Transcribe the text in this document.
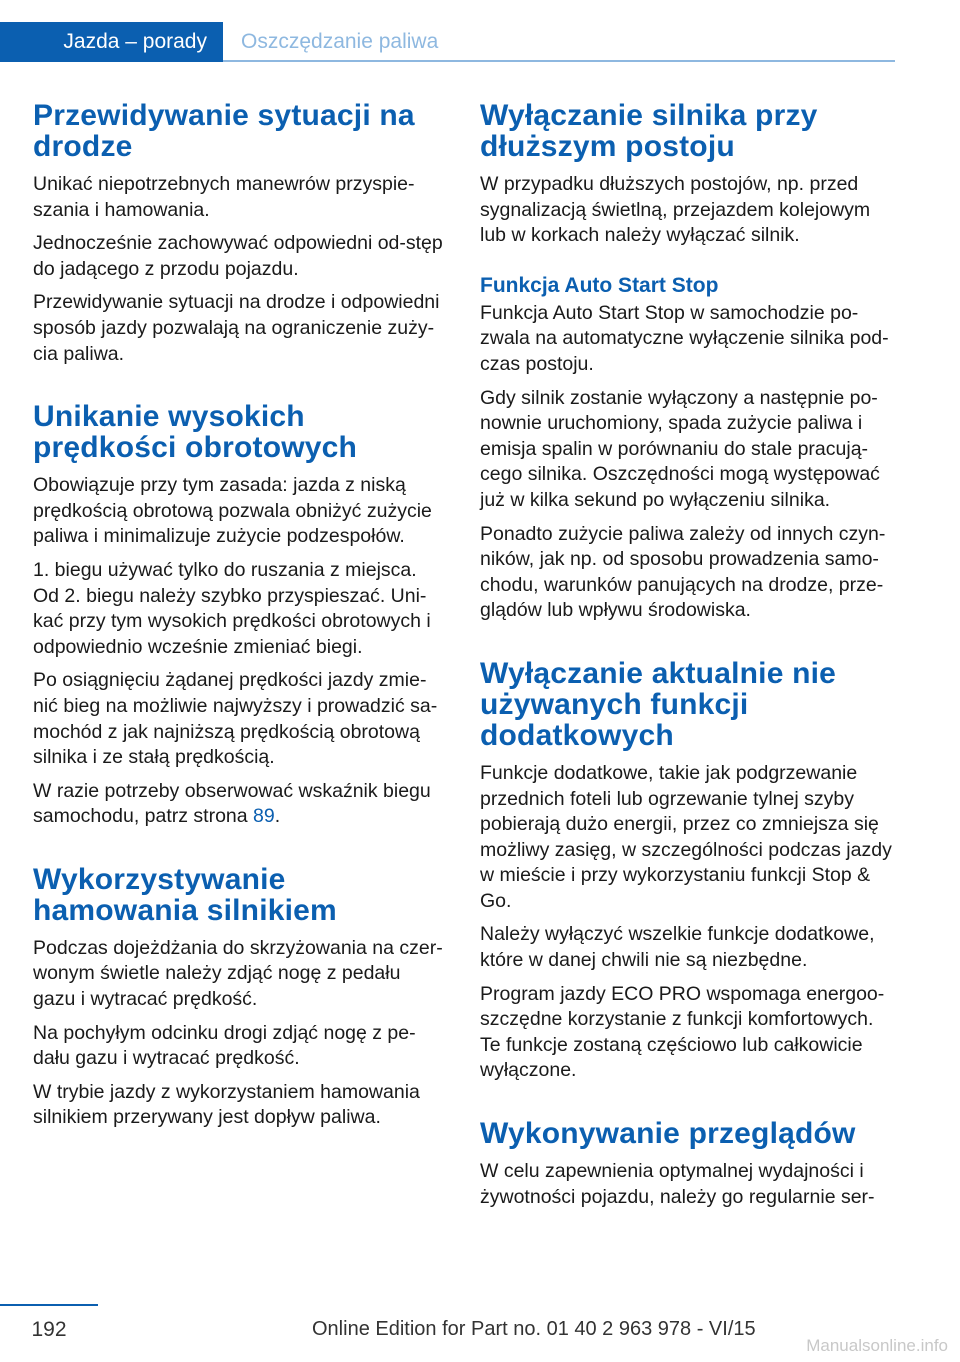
Jazda – porady Oszczędzanie paliwa
Przewidywanie sytuacji na drodze

Unikać niepotrzebnych manewrów przyspie-szania i hamowania.

Jednocześnie zachowywać odpowiedni od-stęp do jadącego z przodu pojazdu.

Przewidywanie sytuacji na drodze i odpowiedni sposób jazdy pozwalają na ograniczenie zuży-cia paliwa.

Unikanie wysokich prędkości obrotowych

Obowiązuje przy tym zasada: jazda z niską prędkością obrotową pozwala obniżyć zużycie paliwa i minimalizuje zużycie podzespołów.

1. biegu używać tylko do ruszania z miejsca. Od 2. biegu należy szybko przyspieszać. Uni-kać przy tym wysokich prędkości obrotowych i odpowiednio wcześnie zmieniać biegi.

Po osiągnięciu żądanej prędkości jazdy zmie-nić bieg na możliwie najwyższy i prowadzić sa-mochód z jak najniższą prędkością obrotową silnika i ze stałą prędkością.

W razie potrzeby obserwować wskaźnik biegu samochodu, patrz strona 89.

Wykorzystywanie hamowania silnikiem

Podczas dojeżdżania do skrzyżowania na czer-wonym świetle należy zdjąć nogę z pedału gazu i wytracać prędkość.

Na pochyłym odcinku drogi zdjąć nogę z pe-dału gazu i wytracać prędkość.

W trybie jazdy z wykorzystaniem hamowania silnikiem przerywany jest dopływ paliwa.

Wyłączanie silnika przy dłuższym postoju

W przypadku dłuższych postojów, np. przed sygnalizacją świetlną, przejazdem kolejowym lub w korkach należy wyłączać silnik.

Funkcja Auto Start Stop

Funkcja Auto Start Stop w samochodzie po-zwala na automatyczne wyłączenie silnika pod-czas postoju.

Gdy silnik zostanie wyłączony a następnie po-nownie uruchomiony, spada zużycie paliwa i emisja spalin w porównaniu do stale pracują-cego silnika. Oszczędności mogą występować już w kilka sekund po wyłączeniu silnika.

Ponadto zużycie paliwa zależy od innych czyn-ników, jak np. od sposobu prowadzenia samo-chodu, warunków panujących na drodze, prze-glądów lub wpływu środowiska.

Wyłączanie aktualnie nie używanych funkcji dodatkowych

Funkcje dodatkowe, takie jak podgrzewanie przednich foteli lub ogrzewanie tylnej szyby pobierają dużo energii, przez co zmniejsza się możliwy zasięg, w szczególności podczas jazdy w mieście i przy wykorzystaniu funkcji Stop & Go.

Należy wyłączyć wszelkie funkcje dodatkowe, które w danej chwili nie są niezbędne.

Program jazdy ECO PRO wspomaga energoo-szczędne korzystanie z funkcji komfortowych. Te funkcje zostaną częściowo lub całkowicie wyłączone.

Wykonywanie przeglądów

W celu zapewnienia optymalnej wydajności i żywotności pojazdu, należy go regularnie ser-

192	Online Edition for Part no. 01 40 2 963 978 - VI/15
Manualsonline.info
